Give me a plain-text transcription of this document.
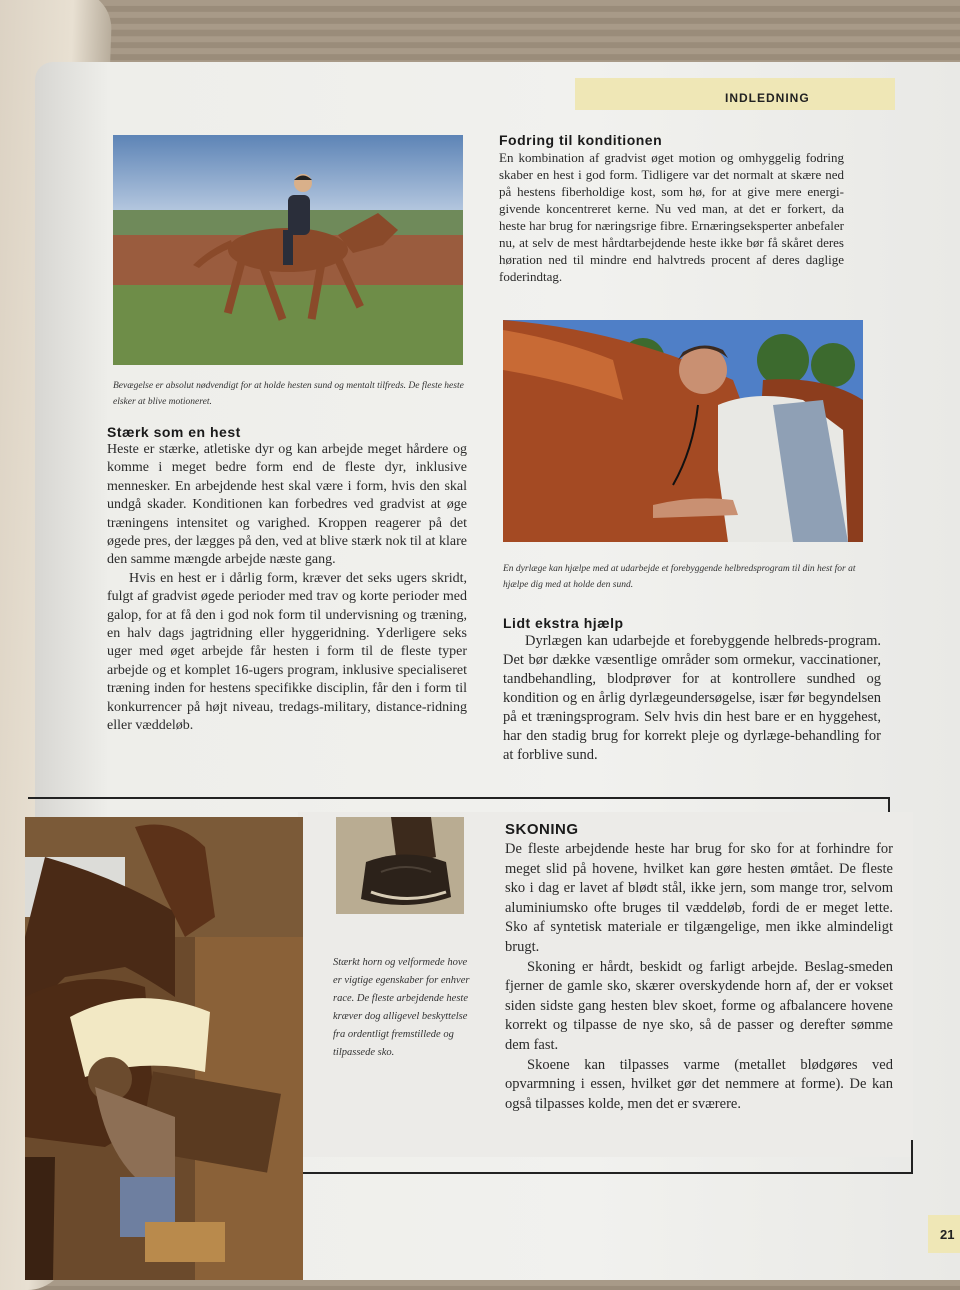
INDLEDNING
Bevægelse er absolut nødvendigt for at holde hesten sund og mentalt tilfreds. De fleste heste elsker at blive motioneret.
Stærk som en hest

Heste er stærke, atletiske dyr og kan arbejde meget hårdere og komme i meget bedre form end de fleste dyr, inklusive mennesker. En arbejdende hest skal være i form, hvis den skal undgå skader. Konditionen kan forbedres ved gradvist at øge træningens intensitet og varighed. Kroppen reagerer på det øgede pres, der lægges på den, ved at blive stærk nok til at klare den samme mængde arbejde næste gang.

Hvis en hest er i dårlig form, kræver det seks ugers skridt, fulgt af gradvist øgede perioder med trav og korte perioder med galop, for at få den i god nok form til undervisning og træning, en halv dags jagtridning eller hyggeridning. Yderligere seks uger med øget arbejde får hesten i form til de fleste typer arbejde og et komplet 16-ugers program, inklusive specialiseret træning inden for hestens specifikke disciplin, får den i form til konkurrencer på højt niveau, tredags-military, distance-ridning eller væddeløb.

Fodring til konditionen

En kombination af gradvist øget motion og omhyggelig fodring skaber en hest i god form. Tidligere var det normalt at skære ned på hestens fiberholdige kost, som hø, for at give mere energi-givende koncentreret kerne. Nu ved man, at det er forkert, da heste har brug for næringsrige fibre. Ernæringseksperter anbefaler nu, at selv de mest hårdtarbejdende heste ikke bør få skåret deres høration ned til mindre end halvtreds procent af deres daglige foderindtag.

En dyrlæge kan hjælpe med at udarbejde et forebyggende helbredsprogram til din hest for at hjælpe dig med at holde den sund.
Lidt ekstra hjælp

Dyrlægen kan udarbejde et forebyggende helbreds-program. Det bør dække væsentlige områder som ormekur, vaccinationer, tandbehandling, blodprøver for at kontrollere sundhed og kondition og en årlig dyrlægeundersøgelse, især før begyndelsen på et træningsprogram. Selv hvis din hest bare er en hyggehest, har den stadig brug for korrekt pleje og dyrlæge-behandling for at forblive sund.

Stærkt horn og velformede hove er vigtige egenskaber for enhver race. De fleste arbejdende heste kræver dog alligevel beskyttelse fra ordentligt fremstillede og tilpassede sko.
SKONING

De fleste arbejdende heste har brug for sko for at forhindre for meget slid på hovene, hvilket kan gøre hesten ømtået. De fleste sko i dag er lavet af blødt stål, ikke jern, som mange tror, selvom aluminiumsko ofte bruges til væddeløb, fordi de er meget lette. Sko af syntetisk materiale er tilgængelige, men ikke almindeligt brugt.

Skoning er hårdt, beskidt og farligt arbejde. Beslag-smeden fjerner de gamle sko, skærer overskydende horn af, der er vokset siden sidste gang hesten blev skoet, forme og afbalancere hovene korrekt og tilpasse de nye sko, så de passer og derefter sømme dem fast.

Skoene kan tilpasses varme (metallet blødgøres ved opvarmning i essen, hvilket gør det nemmere at forme). De kan også tilpasses kolde, men det er sværere.

21
